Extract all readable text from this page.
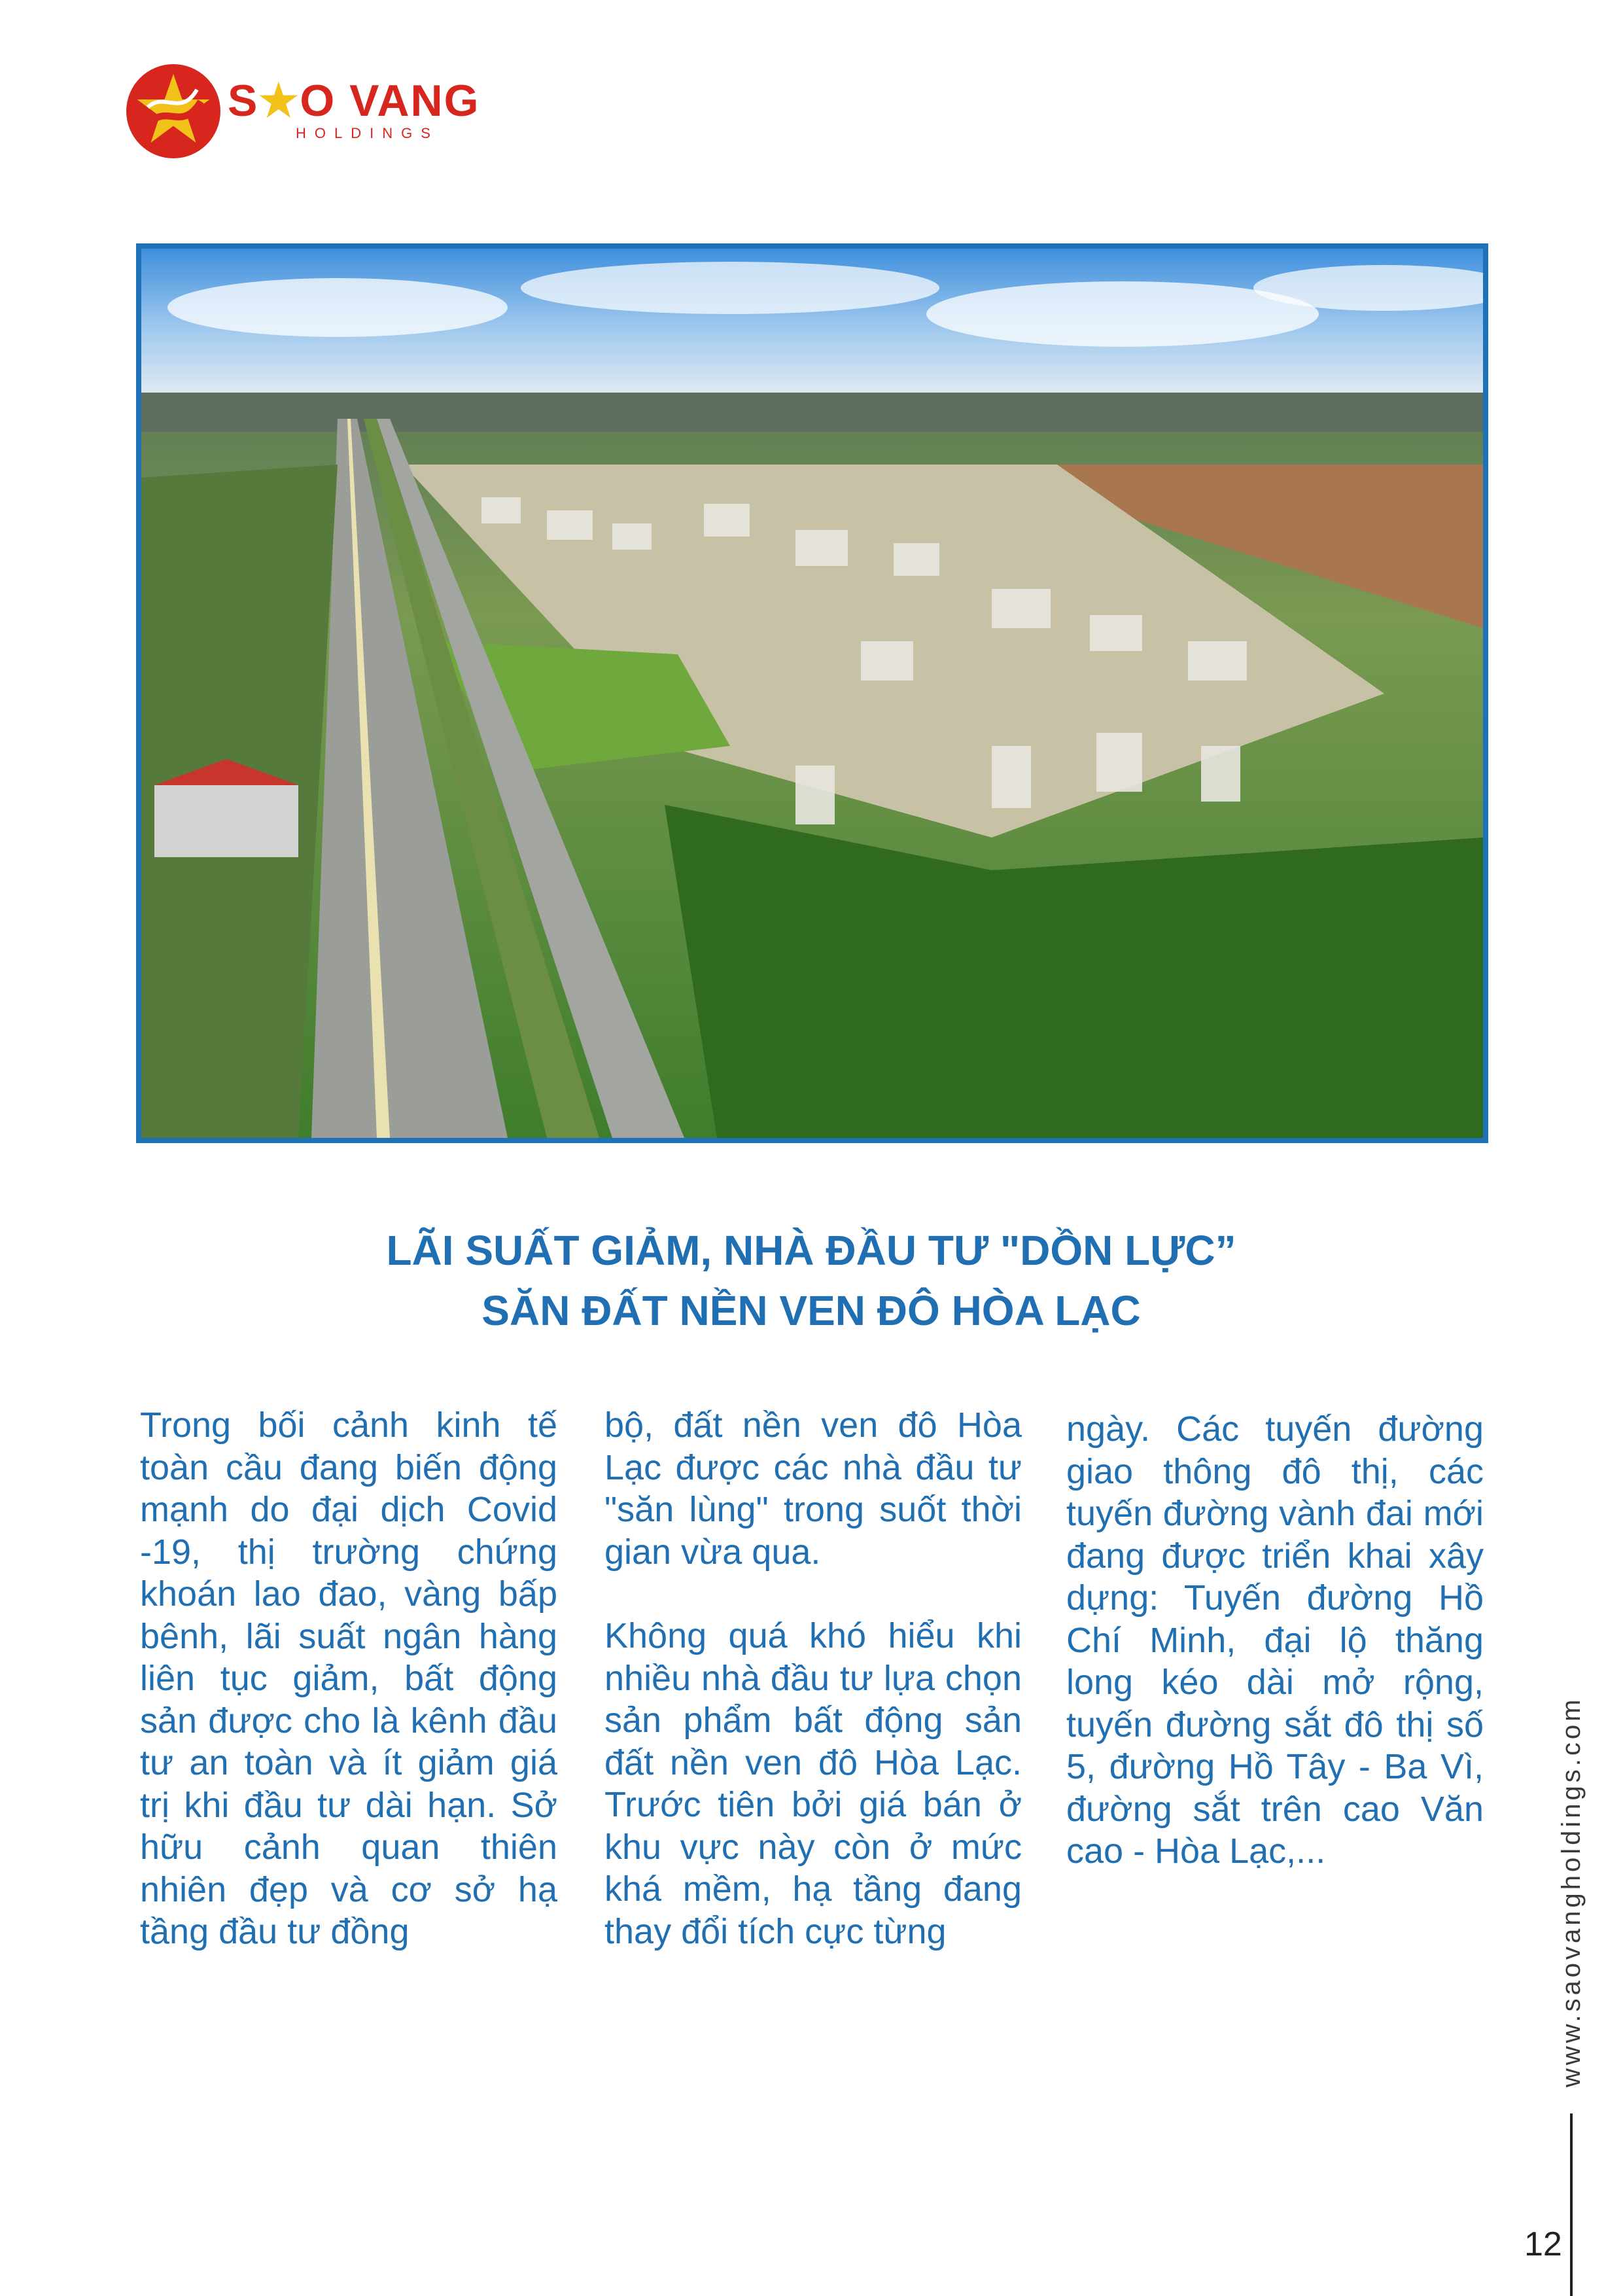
S★O VANG
HOLDINGS
LÃI SUẤT GIẢM, NHÀ ĐẦU TƯ "DỒN LỰC”
SĂN ĐẤT NỀN VEN ĐÔ HÒA LẠC

Trong bối cảnh kinh tế toàn cầu đang biến động mạnh do đại dịch Covid -19, thị trường chứng khoán lao đao, vàng bấp bênh, lãi suất ngân hàng liên tục giảm, bất động sản được cho là kênh đầu tư an toàn và ít giảm giá trị khi đầu tư dài hạn. Sở hữu cảnh quan thiên nhiên đẹp và cơ sở hạ tầng đầu tư đồng

bộ, đất nền ven đô Hòa Lạc được các nhà đầu tư "săn lùng" trong suốt thời gian vừa qua.

Không quá khó hiểu khi nhiều nhà đầu tư lựa chọn sản phẩm bất động sản đất nền ven đô Hòa Lạc. Trước tiên bởi giá bán ở khu vực này còn ở mức khá mềm, hạ tầng đang thay đổi tích cực từng

ngày. Các tuyến đường giao thông đô thị, các tuyến đường vành đai mới đang được triển khai xây dựng: Tuyến đường Hồ Chí Minh, đại lộ thăng long kéo dài mở rộng, tuyến đường sắt đô thị số 5, đường Hồ Tây - Ba Vì, đường sắt trên cao Văn cao - Hòa Lạc,...	www.saovangholdings.com
12
